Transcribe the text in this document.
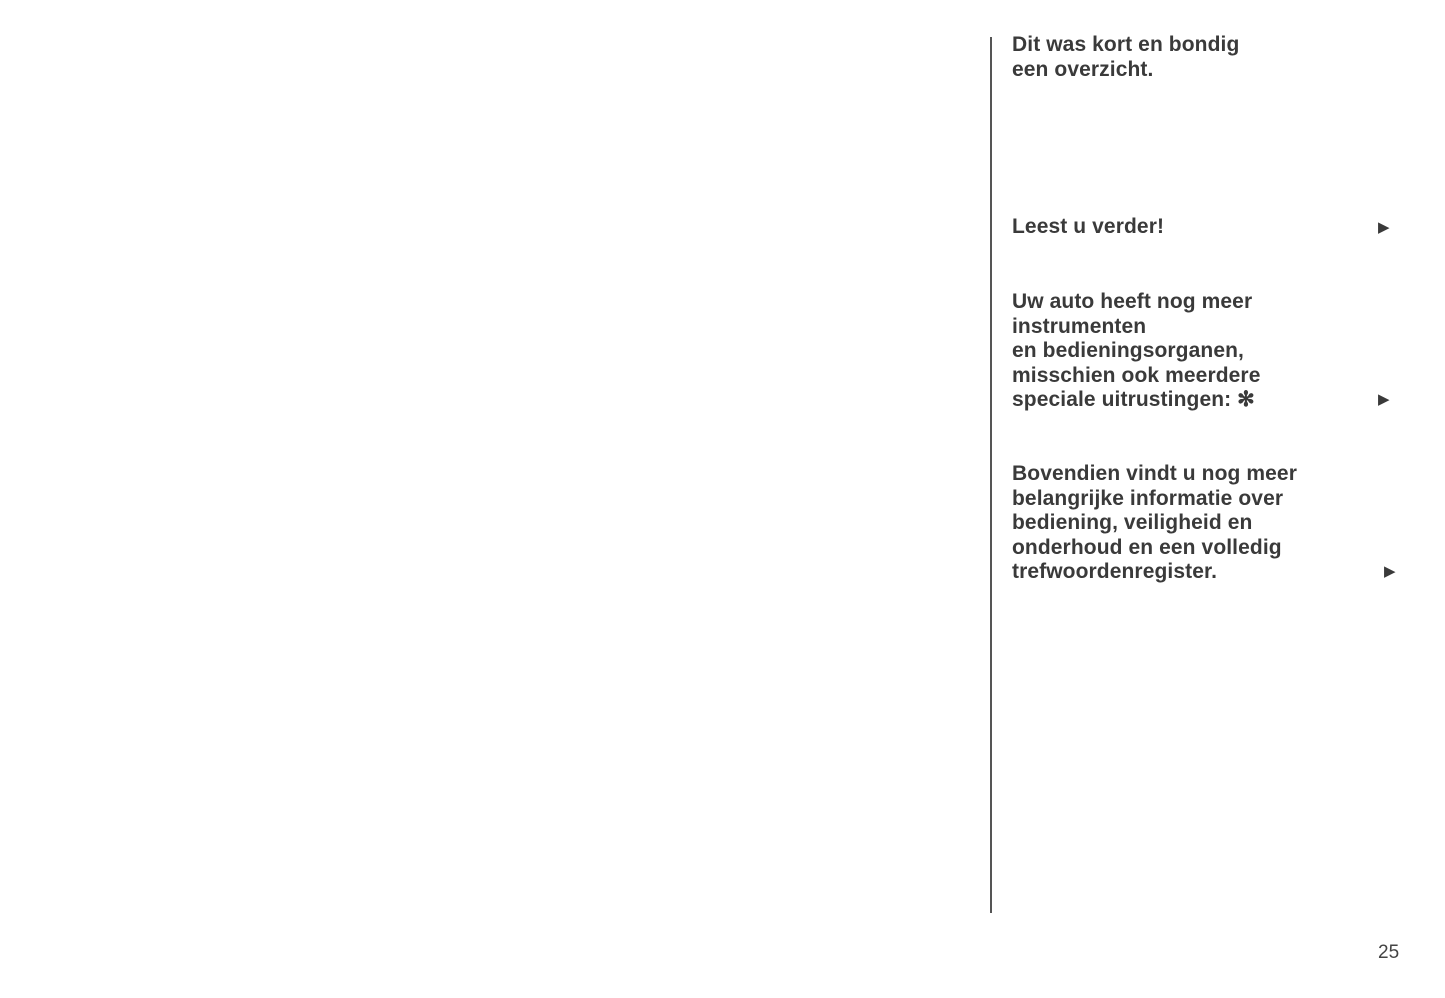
Dit was kort en bondig
een overzicht.
Leest u verder!	▶
Uw auto heeft nog meer
instrumenten
en bedieningsorganen,
misschien ook meerdere
speciale uitrustingen: ✻	▶
Bovendien vindt u nog meer
belangrijke informatie over
bediening, veiligheid en
onderhoud en een volledig
trefwoordenregister.	▶
25
